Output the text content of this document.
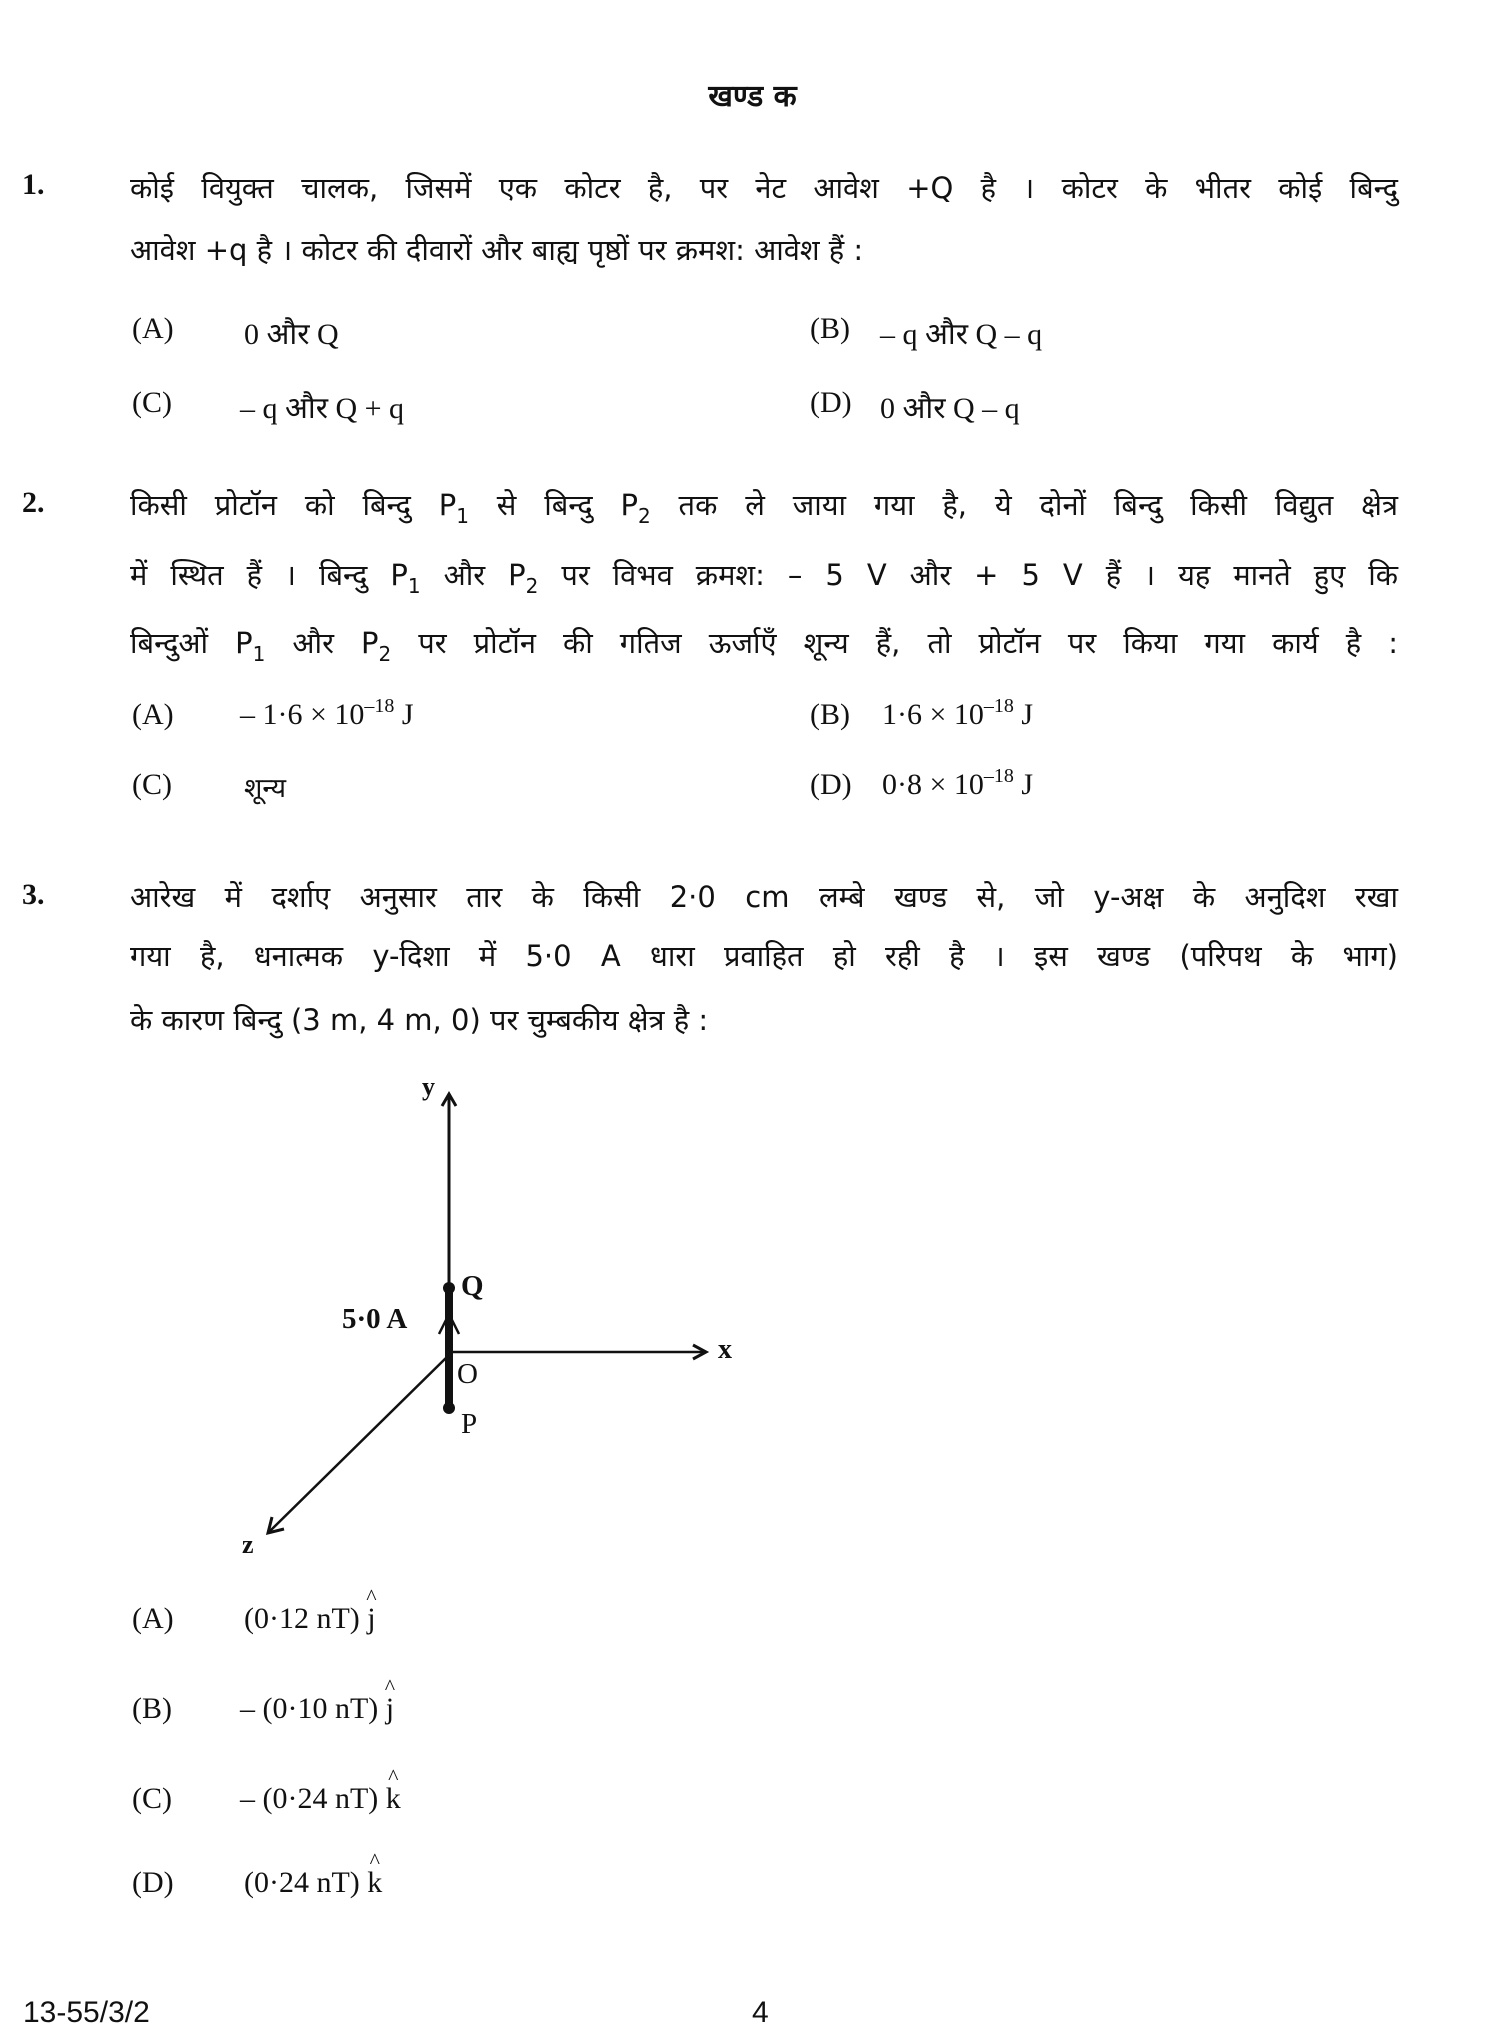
खण्ड क
1.	कोई वियुक्त चालक, जिसमें एक कोटर है, पर नेट आवेश +Q है । कोटर के भीतर कोई बिन्दु
आवेश +q है । कोटर की दीवारों और बाह्य पृष्ठों पर क्रमश: आवेश हैं :
(A) 0 और Q	(B) – q और Q – q
(C) – q और Q + q	(D) 0 और Q – q
2.	किसी प्रोटॉन को बिन्दु $P_1$ से बिन्दु $P_2$ तक ले जाया गया है, ये दोनों बिन्दु किसी विद्युत क्षेत्र
में स्थित हैं । बिन्दु $P_1$ और $P_2$ पर विभव क्रमश: – 5 V और + 5 V हैं । यह मानते हुए कि
बिन्दुओं $P_1$ और $P_2$ पर प्रोटॉन की गतिज ऊर्जाएँ शून्य हैं, तो प्रोटॉन पर किया गया कार्य है :
$(A) - 1\cdot 6 \times 10^{-18}$ J	(B) $1\cdot 6 \times 10^{-18}$ J
(C)	शून्य	(D) $0\cdot 8 \times 10^{-18}$ J
3.	आरेख में दर्शाए अनुसार तार के किसी 2·0 cm लम्बे खण्ड से, जो y-अक्ष के अनुदिश रखा
गया है, धनात्मक y-दिशा में 5·0 A धारा प्रवाहित हो रही है । इस खण्ड (परिपथ के भाग)
के कारण बिन्दु (3 m, 4 m, 0) पर चुम्बकीय क्षेत्र है :
y
x
z
O
Q
P
5·0 A
(A) (0·12 nT) ^ j
(B) – (0·10 nT) ^ j
(C) – (0·24 nT) ^ k
(D) (0·24 nT) ^ k
13-55/3/2	4
